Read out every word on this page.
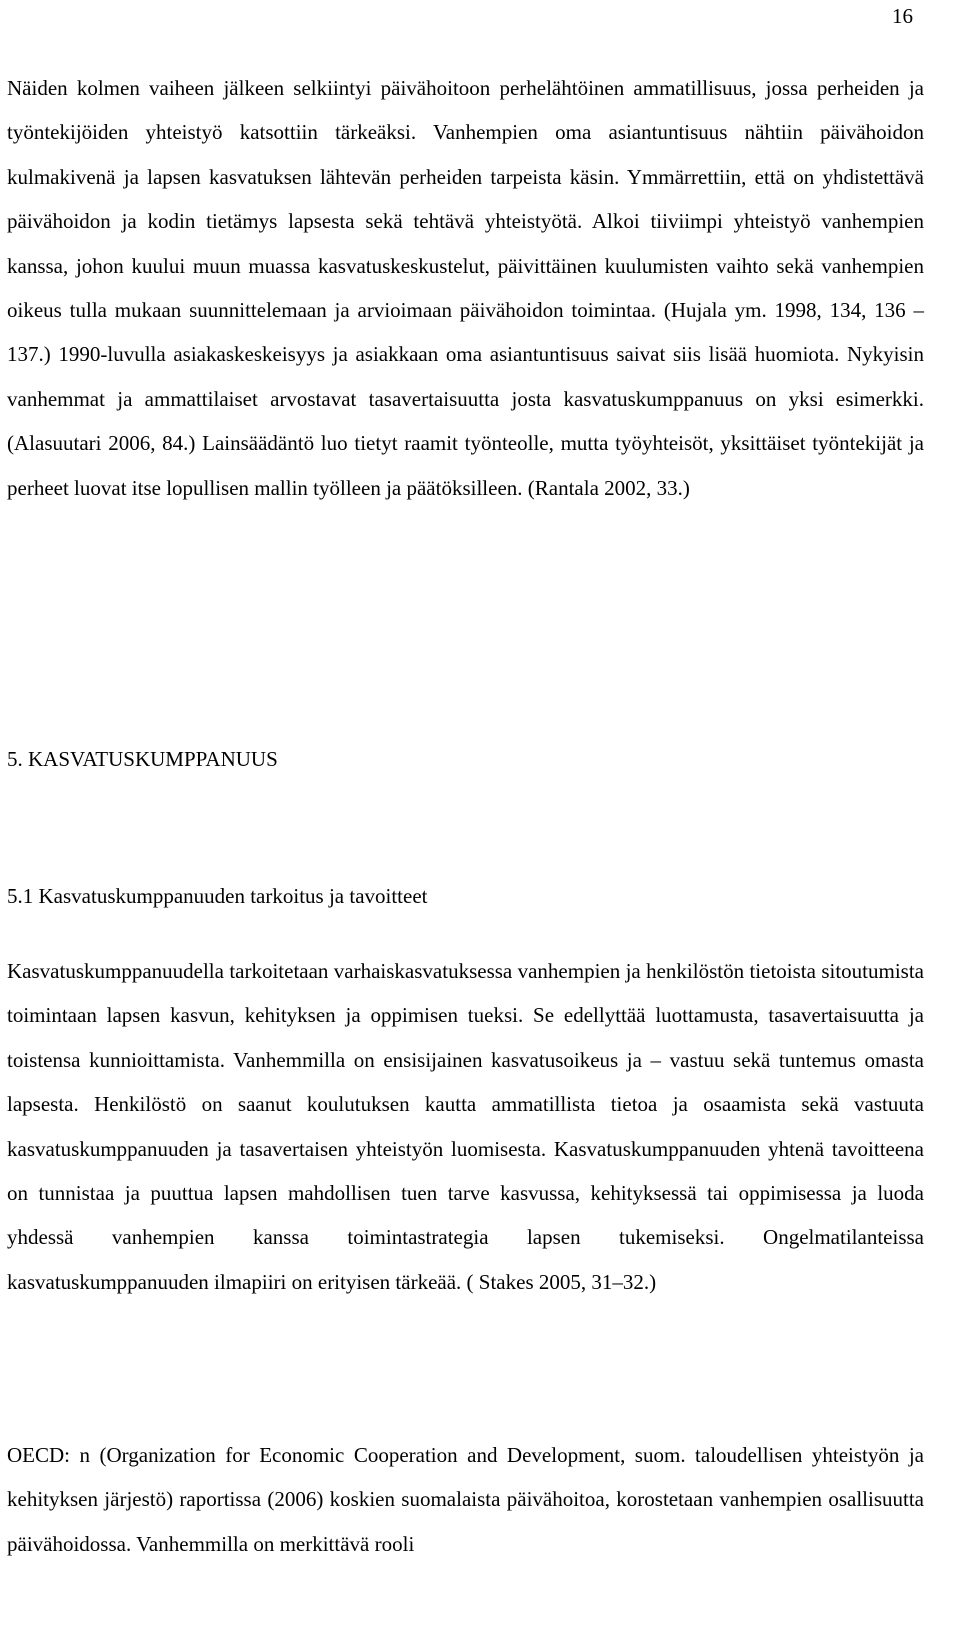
16

Näiden kolmen vaiheen jälkeen selkiintyi päivähoitoon perhelähtöinen ammatillisuus, jossa perheiden ja työntekijöiden yhteistyö katsottiin tärkeäksi. Vanhempien oma asiantuntisuus nähtiin päivähoidon kulmakivenä ja lapsen kasvatuksen lähtevän perheiden tarpeista käsin. Ymmärrettiin, että on yhdistettävä päivähoidon ja kodin tietämys lapsesta sekä tehtävä yhteistyötä. Alkoi tiiviimpi yhteistyö vanhempien kanssa, johon kuului muun muassa kasvatuskeskustelut, päivittäinen kuulumisten vaihto sekä vanhempien oikeus tulla mukaan suunnittelemaan ja arvioimaan päivähoidon toimintaa. (Hujala ym. 1998, 134, 136 – 137.) 1990-luvulla asiakaskeskeisyys ja asiakkaan oma asiantuntisuus saivat siis lisää huomiota. Nykyisin vanhemmat ja ammattilaiset arvostavat tasavertaisuutta josta kasvatuskumppanuus on yksi esimerkki. (Alasuutari 2006, 84.) Lainsäädäntö luo tietyt raamit työnteolle, mutta työyhteisöt, yksittäiset työntekijät ja perheet luovat itse lopullisen mallin työlleen ja päätöksilleen. (Rantala 2002, 33.)

5. KASVATUSKUMPPANUUS
5.1 Kasvatuskumppanuuden tarkoitus ja tavoitteet

Kasvatuskumppanuudella tarkoitetaan varhaiskasvatuksessa vanhempien ja henkilöstön tietoista sitoutumista toimintaan lapsen kasvun, kehityksen ja oppimisen tueksi. Se edellyttää luottamusta, tasavertaisuutta ja toistensa kunnioittamista. Vanhemmilla on ensisijainen kasvatusoikeus ja – vastuu sekä tuntemus omasta lapsesta. Henkilöstö on saanut koulutuksen kautta ammatillista tietoa ja osaamista sekä vastuuta kasvatuskumppanuuden ja tasavertaisen yhteistyön luomisesta. Kasvatuskumppanuuden yhtenä tavoitteena on tunnistaa ja puuttua lapsen mahdollisen tuen tarve kasvussa, kehityksessä tai oppimisessa ja luoda yhdessä vanhempien kanssa toimintastrategia lapsen tukemiseksi. Ongelmatilanteissa kasvatuskumppanuuden ilmapiiri on erityisen tärkeää. ( Stakes 2005, 31–32.)

OECD: n (Organization for Economic Cooperation and Development, suom. taloudellisen yhteistyön ja kehityksen järjestö) raportissa (2006) koskien suomalaista päivähoitoa, korostetaan vanhempien osallisuutta päivähoidossa. Vanhemmilla on merkittävä rooli
